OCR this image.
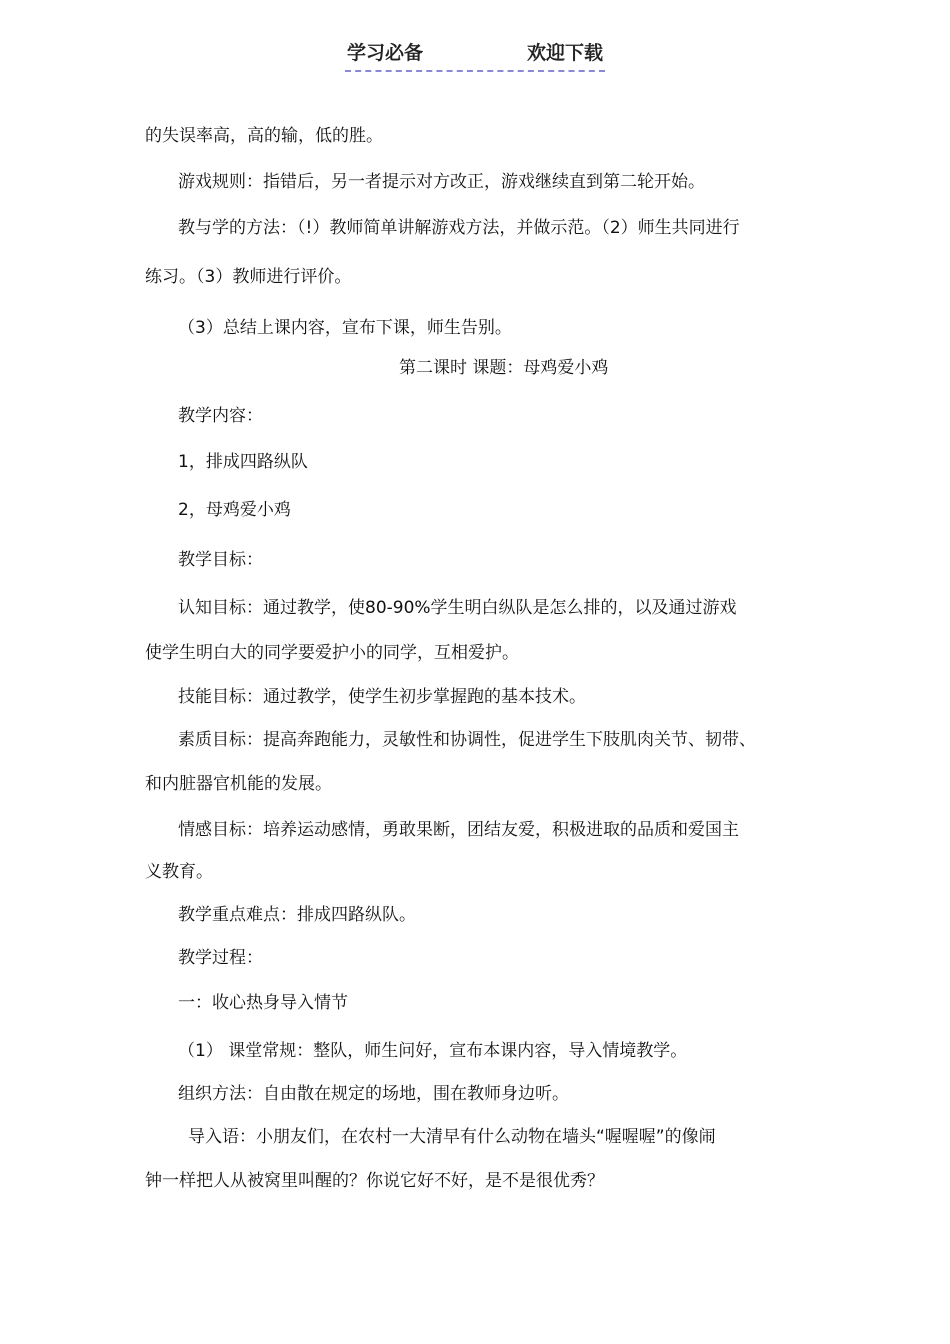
学习必备	欢迎下载
的失误率高，高的输，低的胜。
游戏规则：指错后，另一者提示对方改正，游戏继续直到第二轮开始。
教与学的方法：（!）教师简单讲解游戏方法，并做示范。（2）师生共同进行
练习。（3）教师进行评价。
（3）总结上课内容，宣布下课，师生告别。
第二课时 课题：母鸡爱小鸡
教学内容：
1，排成四路纵队
2，母鸡爱小鸡
教学目标：
认知目标：通过教学，使80-90%学生明白纵队是怎么排的，以及通过游戏
使学生明白大的同学要爱护小的同学，互相爱护。
技能目标：通过教学，使学生初步掌握跑的基本技术。
素质目标：提高奔跑能力，灵敏性和协调性，促进学生下肢肌肉关节、韧带、
和内脏器官机能的发展。
情感目标：培养运动感情，勇敢果断，团结友爱，积极进取的品质和爱国主
义教育。
教学重点难点：排成四路纵队。
教学过程：
一：收心热身导入情节
（1） 课堂常规：整队，师生问好，宣布本课内容，导入情境教学。
组织方法：自由散在规定的场地，围在教师身边听。
导入语：小朋友们，在农村一大清早有什么动物在墙头“喔喔喔”的像闹
钟一样把人从被窝里叫醒的？你说它好不好，是不是很优秀？
